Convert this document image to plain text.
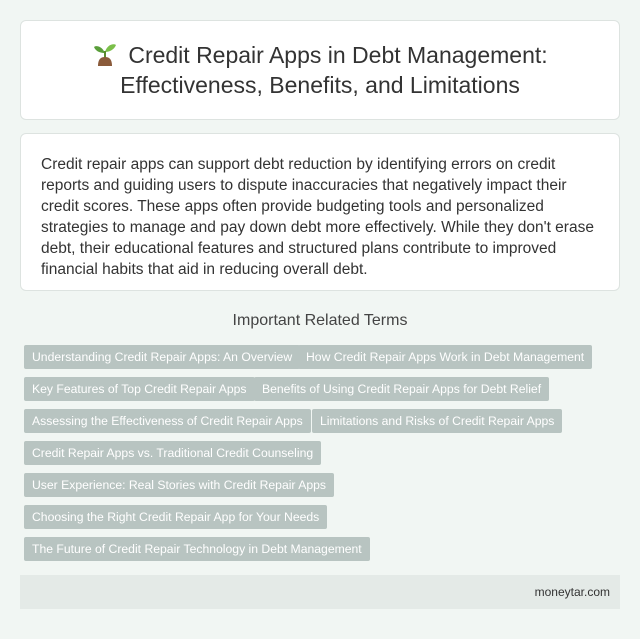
Credit Repair Apps in Debt Management: Effectiveness, Benefits, and Limitations

Credit repair apps can support debt reduction by identifying errors on credit reports and guiding users to dispute inaccuracies that negatively impact their credit scores. These apps often provide budgeting tools and personalized strategies to manage and pay down debt more effectively. While they don't erase debt, their educational features and structured plans contribute to improved financial habits that aid in reducing overall debt.

Important Related Terms
Understanding Credit Repair Apps: An Overview	How Credit Repair Apps Work in Debt Management
Key Features of Top Credit Repair Apps	Benefits of Using Credit Repair Apps for Debt Relief
Assessing the Effectiveness of Credit Repair Apps	Limitations and Risks of Credit Repair Apps
Credit Repair Apps vs. Traditional Credit Counseling
User Experience: Real Stories with Credit Repair Apps
Choosing the Right Credit Repair App for Your Needs
The Future of Credit Repair Technology in Debt Management
moneytar.com
